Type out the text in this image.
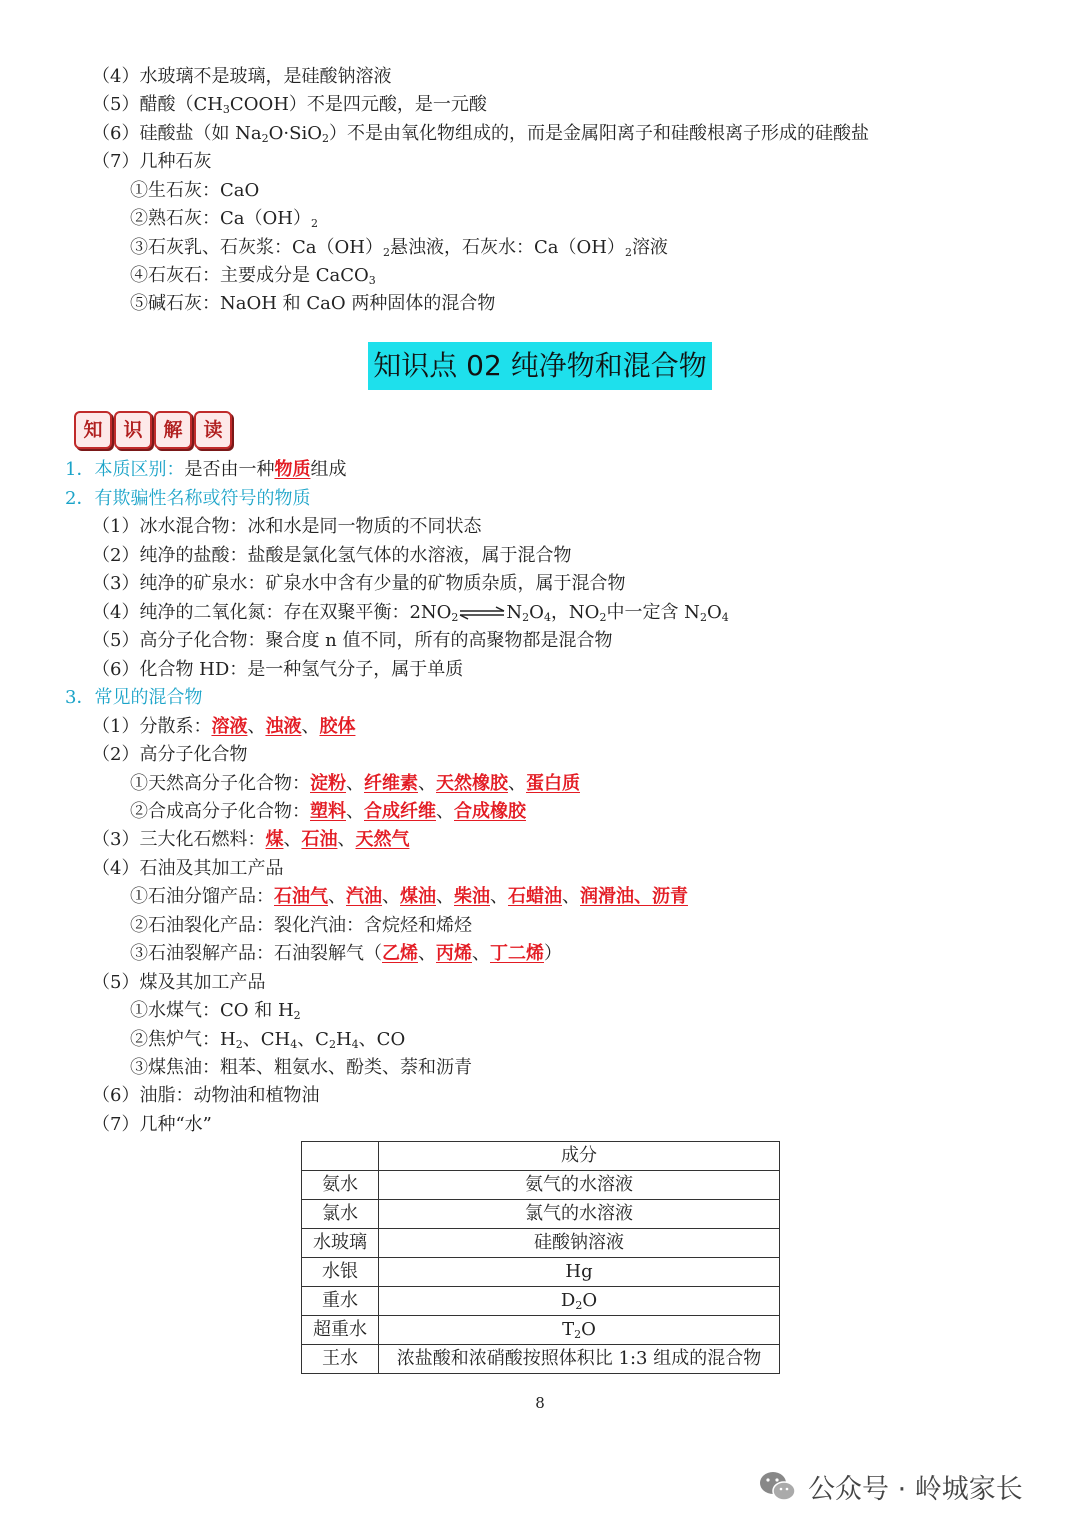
（4）水玻璃不是玻璃，是硅酸钠溶液
（5）醋酸$(CH_3COOH)$不是四元酸，是一元酸
（6）硅酸盐（如 $Na_2O\cdot SiO_2$）不是由氧化物组成的，而是金属阳离子和硅酸根离子形成的硅酸盐
（7）几种石灰
①生石灰：CaO
②熟石灰：$Ca(OH)_2$
③石灰乳、石灰浆：$Ca(OH)_2$悬浊液，石灰水：$Ca(OH)_2$溶液
④石灰石：主要成分是 CaCO$_3$
⑤碱石灰：NaOH 和 CaO 两种固体的混合物
知识点 02 纯净物和混合物
知	识	解	读
1．本质区别：是否由一种物质组成
2．有欺骗性名称或符号的物质
（1）冰水混合物：冰和水是同一物质的不同状态
（2）纯净的盐酸：盐酸是氯化氢气体的水溶液，属于混合物
（3）纯净的矿泉水：矿泉水中含有少量的矿物质杂质，属于混合物
（4）纯净的二氧化氮：存在双聚平衡：$2NO_2\rightleftharpoons N_2O_4$，$NO_2$中一定含 $N_2O_4$
（5）高分子化合物：聚合度 n 值不同，所有的高聚物都是混合物
（6）化合物 HD：是一种氢气分子，属于单质
3．常见的混合物
（1）分散系：溶液、浊液、胶体
（2）高分子化合物
①天然高分子化合物：淀粉、纤维素、天然橡胶、蛋白质
②合成高分子化合物：塑料、合成纤维、合成橡胶
（3）三大化石燃料：煤、石油、天然气
（4）石油及其加工产品
①石油分馏产品：石油气、汽油、煤油、柴油、石蜡油、润滑油、沥青
②石油裂化产品：裂化汽油：含烷烃和烯烃
③石油裂解产品：石油裂解气（乙烯、丙烯、丁二烯）
（5）煤及其加工产品
①水煤气：CO 和 $H_2$
②焦炉气：$H_2$、$CH_4$、$C_2H_4$、CO
③煤焦油：粗苯、粗氨水、酚类、萘和沥青
（6）油脂：动物油和植物油
（7）几种“水”
	成分
氨水	氨气的水溶液
氯水	氯气的水溶液
水玻璃	硅酸钠溶液
水银	Hg
重水	$D_2O$
超重水	$T_2O$
王水	浓盐酸和浓硝酸按照体积比 1:3 组成的混合物
8
公众号 · 岭城家长
